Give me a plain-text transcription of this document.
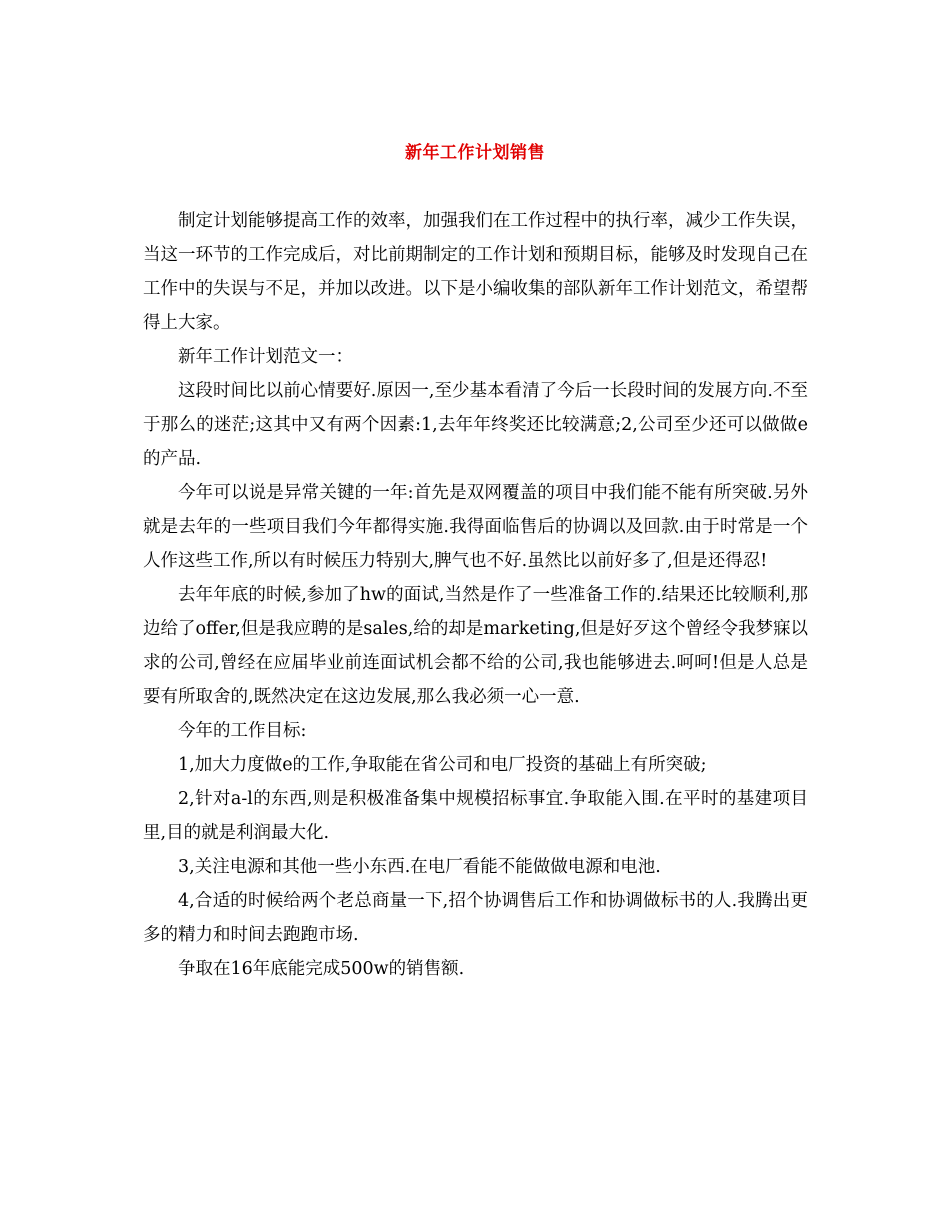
新年工作计划销售

制定计划能够提高工作的效率，加强我们在工作过程中的执行率，减少工作失误，当这一环节的工作完成后，对比前期制定的工作计划和预期目标，能够及时发现自己在工作中的失误与不足，并加以改进。以下是小编收集的部队新年工作计划范文，希望帮得上大家。

新年工作计划范文一：

这段时间比以前心情要好.原因一,至少基本看清了今后一长段时间的发展方向.不至于那么的迷茫;这其中又有两个因素:1,去年年终奖还比较满意;2,公司至少还可以做做e的产品.

今年可以说是异常关键的一年:首先是双网覆盖的项目中我们能不能有所突破.另外就是去年的一些项目我们今年都得实施.我得面临售后的协调以及回款.由于时常是一个人作这些工作,所以有时候压力特别大,脾气也不好.虽然比以前好多了,但是还得忍!

去年年底的时候,参加了hw的面试,当然是作了一些准备工作的.结果还比较顺利,那边给了offer,但是我应聘的是sales,给的却是marketing,但是好歹这个曾经令我梦寐以求的公司,曾经在应届毕业前连面试机会都不给的公司,我也能够进去.呵呵!但是人总是要有所取舍的,既然决定在这边发展,那么我必须一心一意.

今年的工作目标:

1,加大力度做e的工作,争取能在省公司和电厂投资的基础上有所突破;

2,针对a-l的东西,则是积极准备集中规模招标事宜.争取能入围.在平时的基建项目里,目的就是利润最大化.

3,关注电源和其他一些小东西.在电厂看能不能做做电源和电池.

4,合适的时候给两个老总商量一下,招个协调售后工作和协调做标书的人.我腾出更多的精力和时间去跑跑市场.

争取在16年底能完成500w的销售额.
